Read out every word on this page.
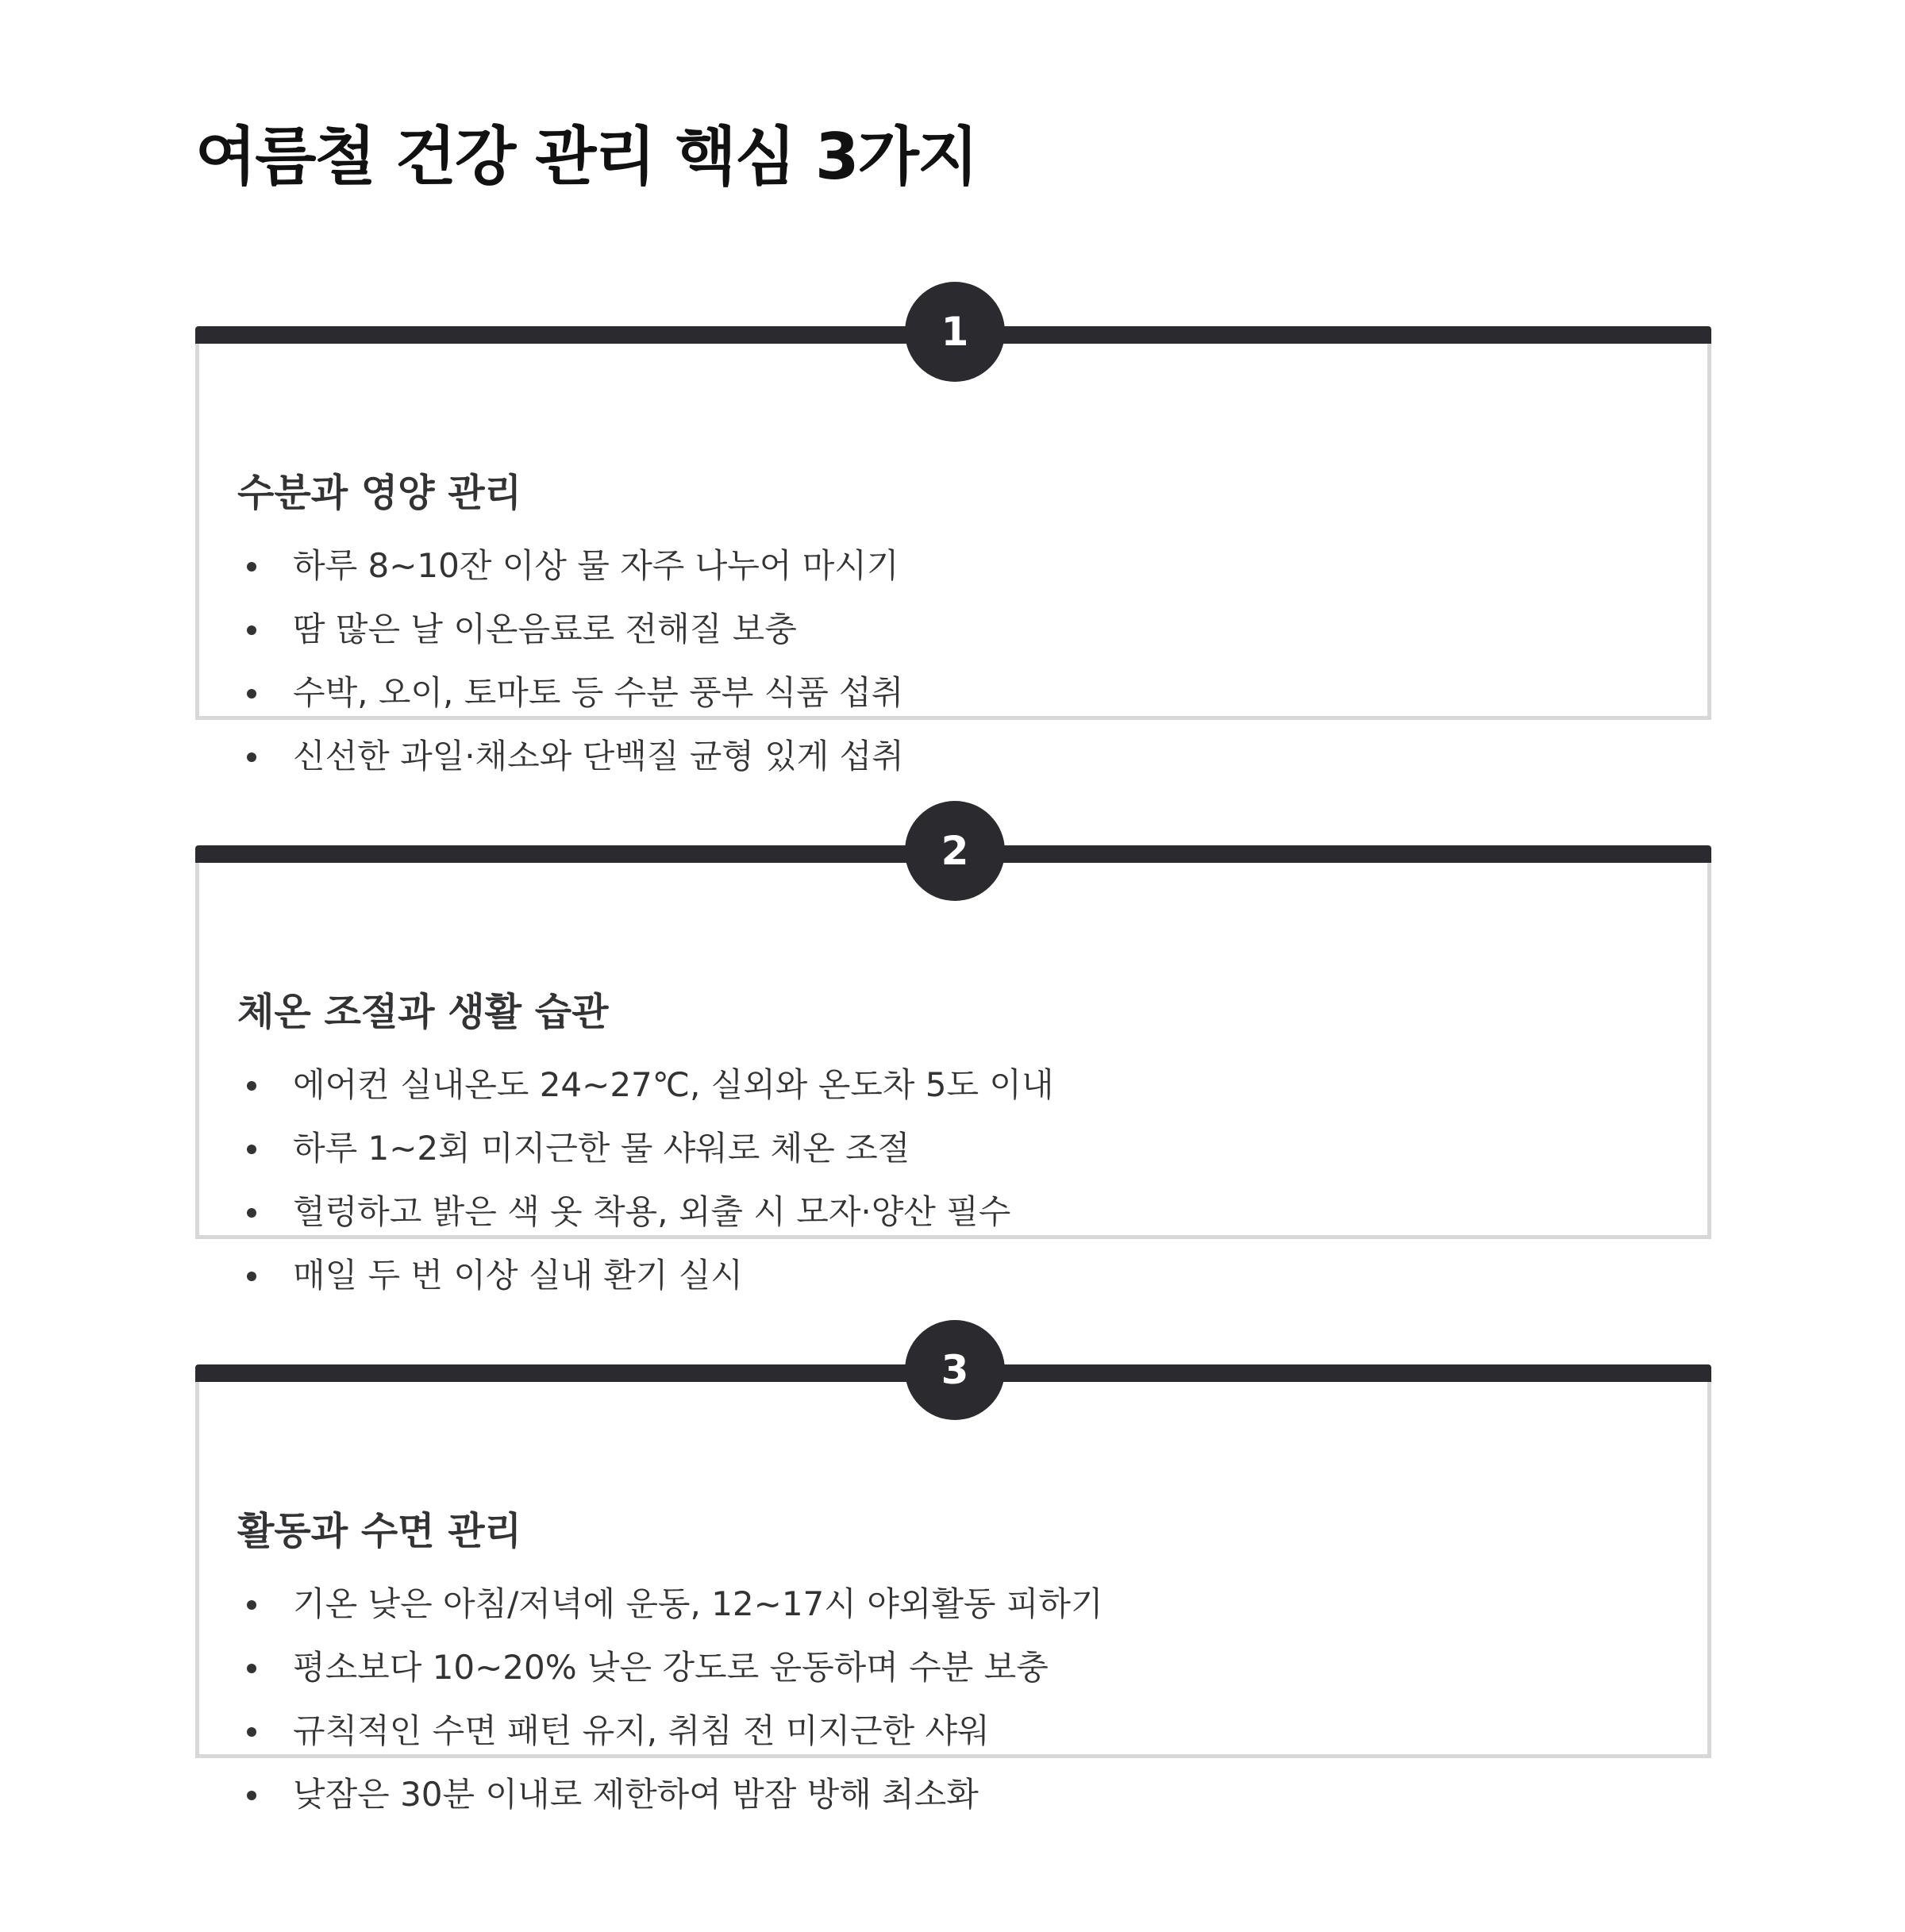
여름철 건강 관리 핵심 3가지
1
수분과 영양 관리
하루 8~10잔 이상 물 자주 나누어 마시기
땀 많은 날 이온음료로 전해질 보충
수박, 오이, 토마토 등 수분 풍부 식품 섭취
신선한 과일·채소와 단백질 균형 있게 섭취
2
체온 조절과 생활 습관
에어컨 실내온도 24~27℃, 실외와 온도차 5도 이내
하루 1~2회 미지근한 물 샤워로 체온 조절
헐렁하고 밝은 색 옷 착용, 외출 시 모자·양산 필수
매일 두 번 이상 실내 환기 실시
3
활동과 수면 관리
기온 낮은 아침/저녁에 운동, 12~17시 야외활동 피하기
평소보다 10~20% 낮은 강도로 운동하며 수분 보충
규칙적인 수면 패턴 유지, 취침 전 미지근한 샤워
낮잠은 30분 이내로 제한하여 밤잠 방해 최소화
